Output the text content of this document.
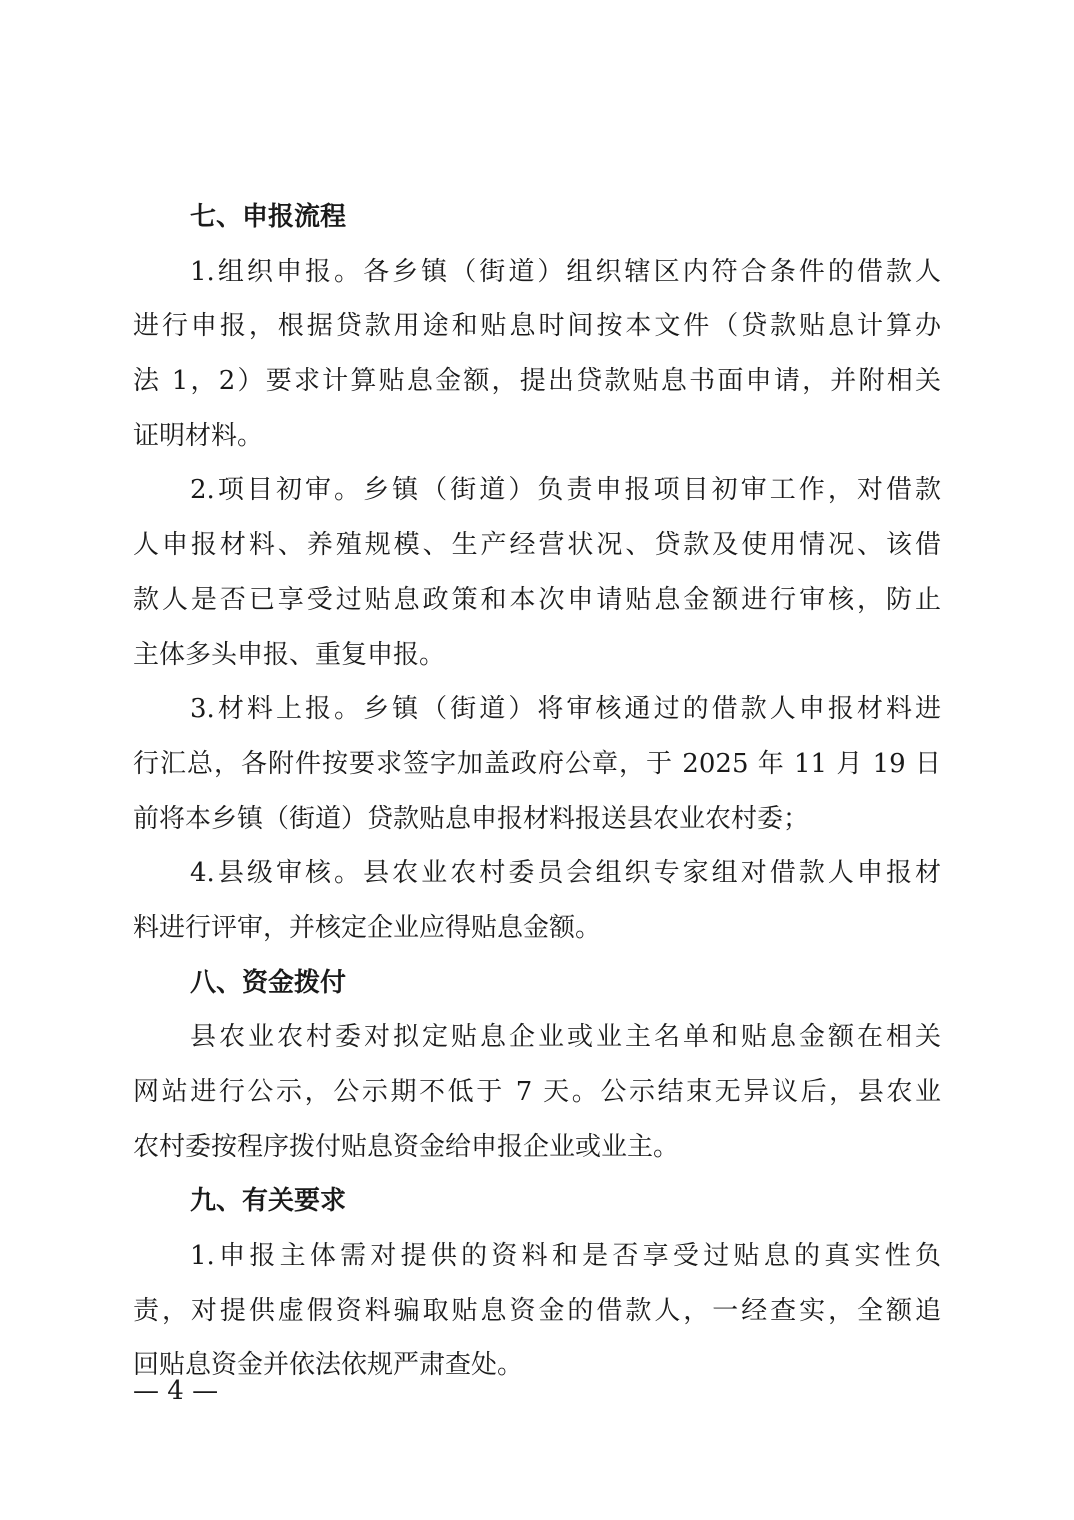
七、申报流程
1.组织申报。各乡镇（街道）组织辖区内符合条件的借款人
进行申报，根据贷款用途和贴息时间按本文件（贷款贴息计算办
法 1，2）要求计算贴息金额，提出贷款贴息书面申请，并附相关
证明材料。
2.项目初审。乡镇（街道）负责申报项目初审工作，对借款
人申报材料、养殖规模、生产经营状况、贷款及使用情况、该借
款人是否已享受过贴息政策和本次申请贴息金额进行审核，防止
主体多头申报、重复申报。
3.材料上报。乡镇（街道）将审核通过的借款人申报材料进
行汇总，各附件按要求签字加盖政府公章，于 2025 年 11 月 19 日
前将本乡镇（街道）贷款贴息申报材料报送县农业农村委；
4.县级审核。县农业农村委员会组织专家组对借款人申报材
料进行评审，并核定企业应得贴息金额。
八、资金拨付
县农业农村委对拟定贴息企业或业主名单和贴息金额在相关
网站进行公示，公示期不低于 7 天。公示结束无异议后，县农业
农村委按程序拨付贴息资金给申报企业或业主。
九、有关要求
1.申报主体需对提供的资料和是否享受过贴息的真实性负
责，对提供虚假资料骗取贴息资金的借款人，一经查实，全额追
回贴息资金并依法依规严肃查处。
— 4 —
